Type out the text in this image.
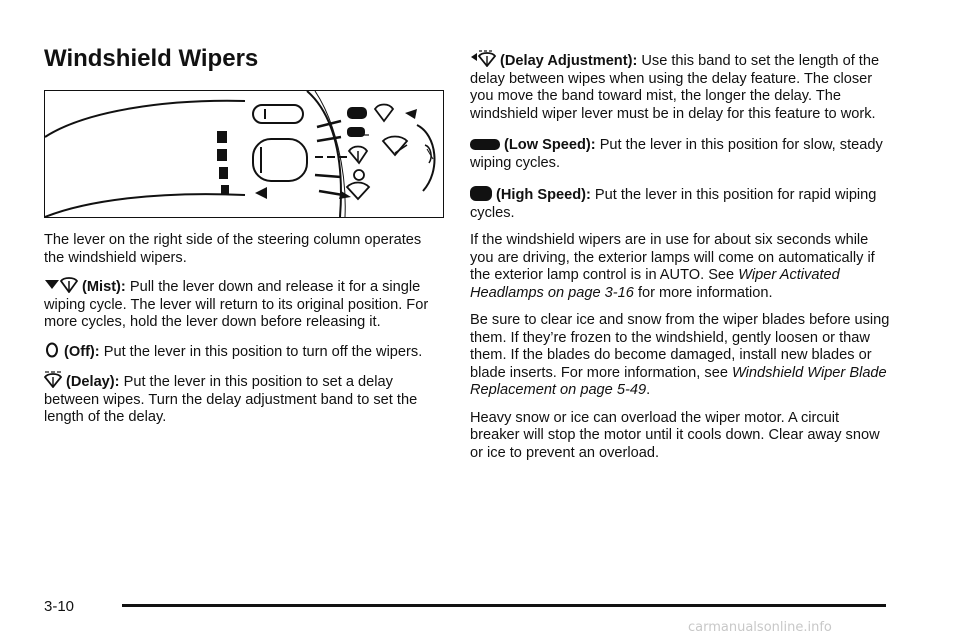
Windshield Wipers

The lever on the right side of the steering column operates the windshield wipers.

(Mist): Pull the lever down and release it for a single wiping cycle. The lever will return to its original position. For more cycles, hold the lever down before releasing it.

(Off): Put the lever in this position to turn off the wipers.

(Delay): Put the lever in this position to set a delay between wipes. Turn the delay adjustment band to set the length of the delay.

(Delay Adjustment): Use this band to set the length of the delay between wipes when using the delay feature. The closer you move the band toward mist, the longer the delay. The windshield wiper lever must be in delay for this feature to work.

(Low Speed): Put the lever in this position for slow, steady wiping cycles.

(High Speed): Put the lever in this position for rapid wiping cycles.

If the windshield wipers are in use for about six seconds while you are driving, the exterior lamps will come on automatically if the exterior lamp control is in AUTO. See Wiper Activated Headlamps on page 3-16 for more information.

Be sure to clear ice and snow from the wiper blades before using them. If they’re frozen to the windshield, gently loosen or thaw them. If the blades do become damaged, install new blades or blade inserts. For more information, see Windshield Wiper Blade Replacement on page 5-49.

Heavy snow or ice can overload the wiper motor. A circuit breaker will stop the motor until it cools down. Clear away snow or ice to prevent an overload.

3-10
carmanualsonline.info
